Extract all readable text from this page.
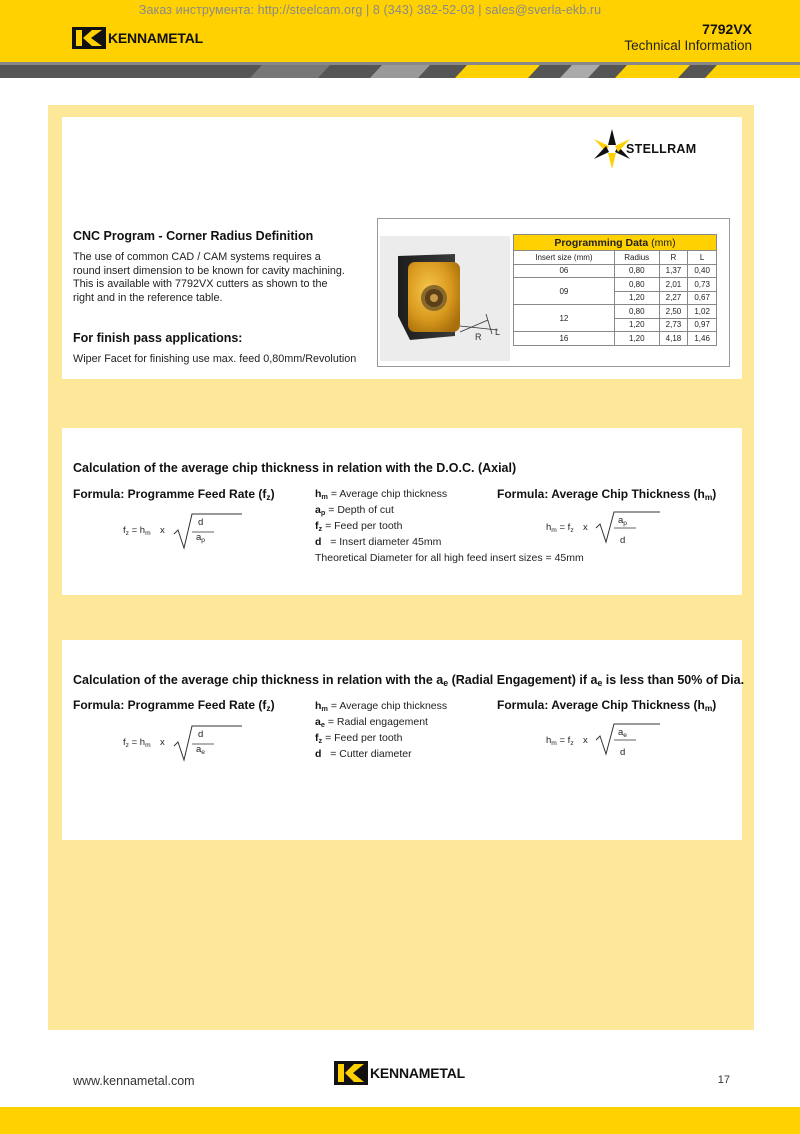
Заказ инструмента: http://steelcam.org | 8 (343) 382-52-03 | sales@sverla-ekb.ru
KENNAMETAL
7792VX
Technical Information
STELLRAM
CNC Program - Corner Radius Definition
The use of common CAD / CAM systems requires a
round insert dimension to be known for cavity machining.
This is available with 7792VX cutters as shown to the
right and in the reference table.
For finish pass applications:
Wiper Facet for finishing use max. feed 0,80mm/Revolution
R L
Programming Data (mm)			
Insert size (mm)	Radius	R	L
06	0,80	1,37	0,40
09	0,80	2,01	0,73
	1,20	2,27	0,67
12	0,80	2,50	1,02
	1,20	2,73	0,97
16	1,20	4,18	1,46
Calculation of the average chip thickness in relation with the D.O.C. (Axial)
Formula: Programme Feed Rate $(f_z)$	Formula: Average Chip Thickness $(h_m)$
$f_z = h_m$ x
d
$a_p$
$h_m$ = Average chip thickness
$a_p$ = Depth of cut
$f_z$ = Feed per tooth
d = Insert diameter 45mm
Theoretical Diameter for all high feed insert sizes = 45mm
$h_m = f_z$ x
$a_p$
d
Calculation of the average chip thickness in relation with the $a_e$ (Radial Engagement) if $a_e$ is less than 50% of Dia.
Formula: Programme Feed Rate $(f_z)$	Formula: Average Chip Thickness $(h_m)$
$f_z = h_m$ x
d
$a_e$
$h_m$ = Average chip thickness
$a_e$ = Radial engagement
$f_z$ = Feed per tooth
d = Cutter diameter
$h_m = f_z$ x
$a_e$
d
www.kennametal.com	KENNAMETAL	17
